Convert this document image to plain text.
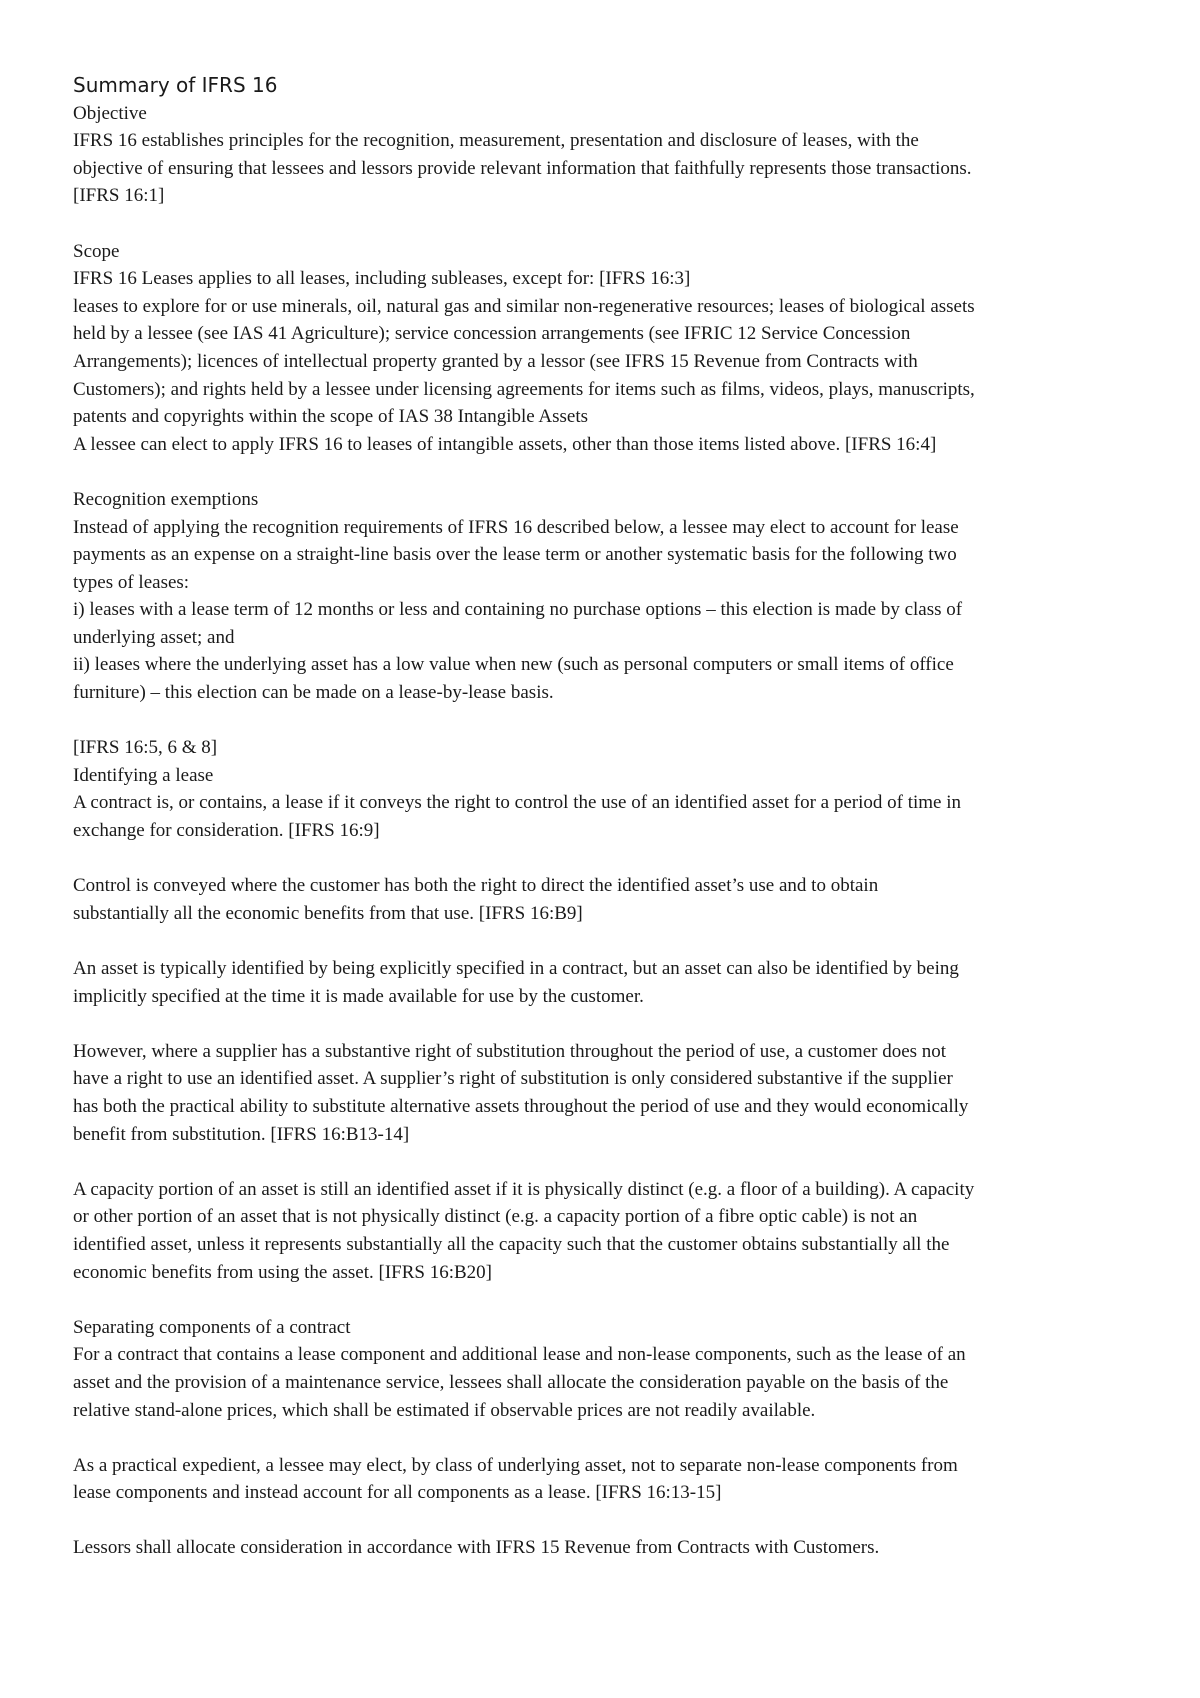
Summary of IFRS 16

Objective

IFRS 16 establishes principles for the recognition, measurement, presentation and disclosure of leases, with the

objective of ensuring that lessees and lessors provide relevant information that faithfully represents those transactions.

[IFRS 16:1]

Scope

IFRS 16 Leases applies to all leases, including subleases, except for: [IFRS 16:3]

leases to explore for or use minerals, oil, natural gas and similar non-regenerative resources; leases of biological assets

held by a lessee (see IAS 41 Agriculture); service concession arrangements (see IFRIC 12 Service Concession

Arrangements); licences of intellectual property granted by a lessor (see IFRS 15 Revenue from Contracts with

Customers); and rights held by a lessee under licensing agreements for items such as films, videos, plays, manuscripts,

patents and copyrights within the scope of IAS 38 Intangible Assets

A lessee can elect to apply IFRS 16 to leases of intangible assets, other than those items listed above. [IFRS 16:4]

Recognition exemptions

Instead of applying the recognition requirements of IFRS 16 described below, a lessee may elect to account for lease

payments as an expense on a straight-line basis over the lease term or another systematic basis for the following two

types of leases:

i) leases with a lease term of 12 months or less and containing no purchase options – this election is made by class of

underlying asset; and

ii) leases where the underlying asset has a low value when new (such as personal computers or small items of office

furniture) – this election can be made on a lease-by-lease basis.

[IFRS 16:5, 6 & 8]

Identifying a lease

A contract is, or contains, a lease if it conveys the right to control the use of an identified asset for a period of time in

exchange for consideration. [IFRS 16:9]

Control is conveyed where the customer has both the right to direct the identified asset’s use and to obtain

substantially all the economic benefits from that use. [IFRS 16:B9]

An asset is typically identified by being explicitly specified in a contract, but an asset can also be identified by being

implicitly specified at the time it is made available for use by the customer.

However, where a supplier has a substantive right of substitution throughout the period of use, a customer does not

have a right to use an identified asset. A supplier’s right of substitution is only considered substantive if the supplier

has both the practical ability to substitute alternative assets throughout the period of use and they would economically

benefit from substitution. [IFRS 16:B13-14]

A capacity portion of an asset is still an identified asset if it is physically distinct (e.g. a floor of a building). A capacity

or other portion of an asset that is not physically distinct (e.g. a capacity portion of a fibre optic cable) is not an

identified asset, unless it represents substantially all the capacity such that the customer obtains substantially all the

economic benefits from using the asset. [IFRS 16:B20]

Separating components of a contract

For a contract that contains a lease component and additional lease and non-lease components, such as the lease of an

asset and the provision of a maintenance service, lessees shall allocate the consideration payable on the basis of the

relative stand-alone prices, which shall be estimated if observable prices are not readily available.

As a practical expedient, a lessee may elect, by class of underlying asset, not to separate non-lease components from

lease components and instead account for all components as a lease. [IFRS 16:13-15]

Lessors shall allocate consideration in accordance with IFRS 15 Revenue from Contracts with Customers.
